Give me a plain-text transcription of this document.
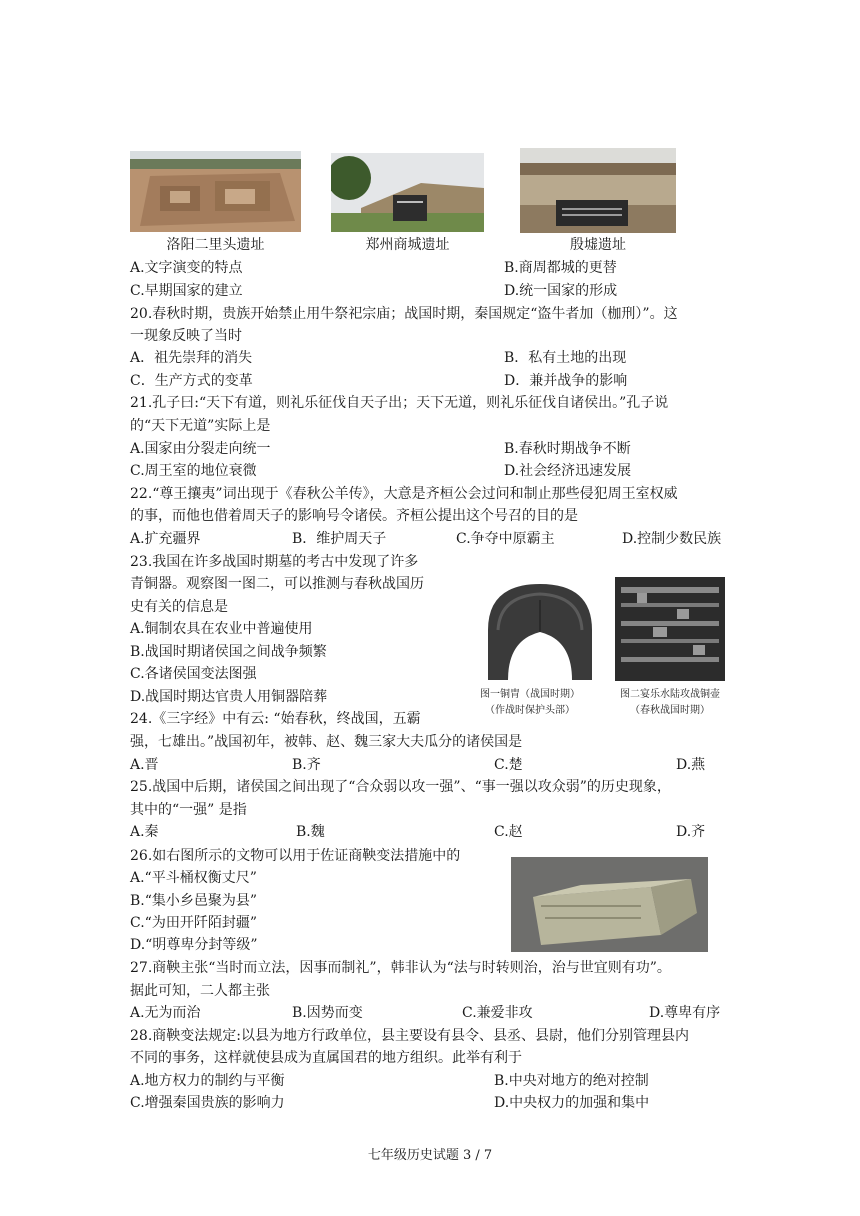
洛阳二里头遗址	郑州商城遗址	殷墟遗址
A.文字演变的特点	B.商周都城的更替
C.早期国家的建立	D.统一国家的形成
20.春秋时期，贵族开始禁止用牛祭祀宗庙；战国时期，秦国规定“盗牛者加（枷刑）”。这
一现象反映了当时
A．祖先崇拜的消失	B．私有土地的出现
C．生产方式的变革	D．兼并战争的影响
21.孔子曰:“天下有道，则礼乐征伐自天子出；天下无道，则礼乐征伐自诸侯出。”孔子说
的“天下无道”实际上是
A.国家由分裂走向统一	B.春秋时期战争不断
C.周王室的地位衰微	D.社会经济迅速发展
22.“尊王攘夷”词出现于《春秋公羊传》，大意是齐桓公会过问和制止那些侵犯周王室权威
的事，而他也借着周天子的影响号令诸侯。齐桓公提出这个号召的目的是
A.扩充疆界	B．维护周天子	C.争夺中原霸主	D.控制少数民族
23.我国在许多战国时期墓的考古中发现了许多
青铜器。观察图一图二，可以推测与春秋战国历
史有关的信息是
A.铜制农具在农业中普遍使用
B.战国时期诸侯国之间战争频繁
C.各诸侯国变法图强
D.战国时期达官贵人用铜器陪葬	图一铜胄（战国时期）
（作战时保护头部）
图二宴乐水陆攻战铜壶
（春秋战国时期）
24.《三字经》中有云: “始春秋，终战国，五霸
强，七雄出。”战国初年，被韩、赵、魏三家大夫瓜分的诸侯国是
A.晋	B.齐	C.楚	D.燕
25.战国中后期，诸侯国之间出现了“合众弱以攻一强”、“事一强以攻众弱”的历史现象，
其中的“一强” 是指
A.秦	B.魏	C.赵	D.齐
26.如右图所示的文物可以用于佐证商鞅变法措施中的
A.“平斗桶权衡丈尺”
B.“集小乡邑聚为县”
C.“为田开阡陌封疆”
D.“明尊卑分封等级”
27.商鞅主张“当时而立法，因事而制礼”，韩非认为“法与时转则治，治与世宜则有功”。
据此可知，二人都主张
A.无为而治	B.因势而变	C.兼爱非攻	D.尊卑有序
28.商鞅变法规定:以县为地方行政单位，县主要设有县令、县丞、县尉，他们分别管理县内
不同的事务，这样就使县成为直属国君的地方组织。此举有利于
A.地方权力的制约与平衡	B.中央对地方的绝对控制
C.增强秦国贵族的影响力	D.中央权力的加强和集中
七年级历史试题 3 / 7
